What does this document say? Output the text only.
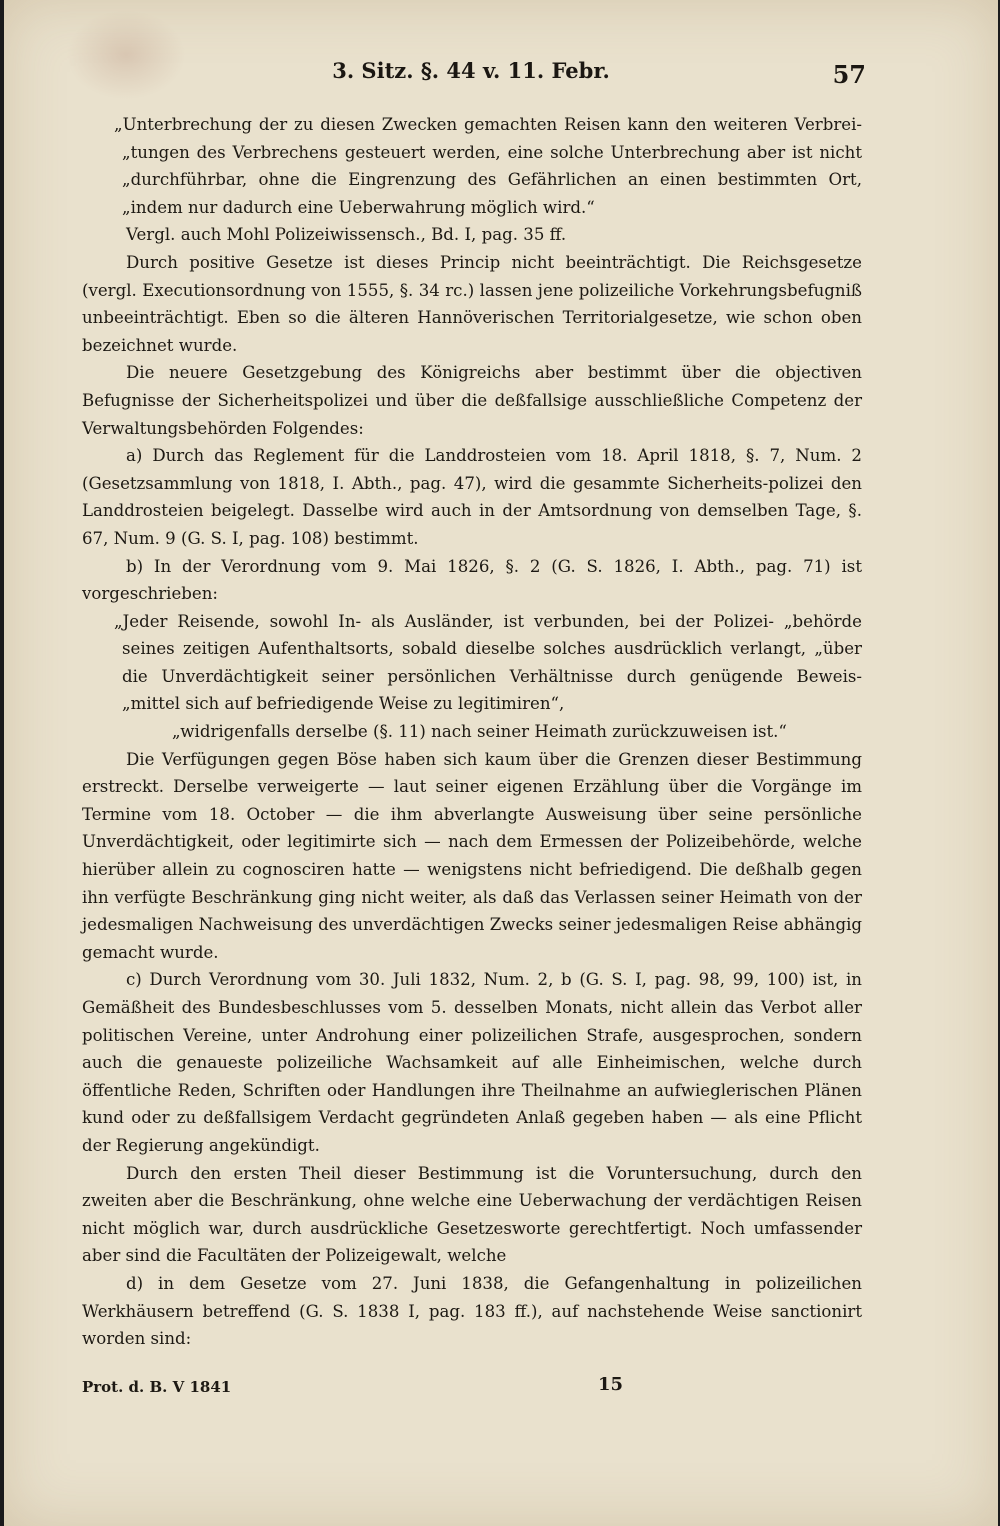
3. Sitz. §. 44 v. 11. Febr.	57

„Unterbrechung der zu diesen Zwecken gemachten Reisen kann den weiteren Verbrei- „tungen des Verbrechens gesteuert werden, eine solche Unterbrechung aber ist nicht „durchführbar, ohne die Eingrenzung des Gefährlichen an einen bestimmten Ort, „indem nur dadurch eine Ueberwahrung möglich wird.“

Vergl. auch Mohl Polizeiwissensch., Bd. I, pag. 35 ff.

Durch positive Gesetze ist dieses Princip nicht beeinträchtigt. Die Reichsgesetze (vergl. Executionsordnung von 1555, §. 34 rc.) lassen jene polizeiliche Vorkehrungsbefugniß unbeeinträchtigt. Eben so die älteren Hannöverischen Territorialgesetze, wie schon oben bezeichnet wurde.

Die neuere Gesetzgebung des Königreichs aber bestimmt über die objectiven Befugnisse der Sicherheitspolizei und über die deßfallsige ausschließliche Competenz der Verwaltungsbehörden Folgendes:

a) Durch das Reglement für die Landdrosteien vom 18. April 1818, §. 7, Num. 2 (Gesetzsammlung von 1818, I. Abth., pag. 47), wird die gesammte Sicherheits-polizei den Landdrosteien beigelegt. Dasselbe wird auch in der Amtsordnung von demselben Tage, §. 67, Num. 9 (G. S. I, pag. 108) bestimmt.

b) In der Verordnung vom 9. Mai 1826, §. 2 (G. S. 1826, I. Abth., pag. 71) ist vorgeschrieben:

„Jeder Reisende, sowohl In- als Ausländer, ist verbunden, bei der Polizei- „behörde seines zeitigen Aufenthaltsorts, sobald dieselbe solches ausdrücklich verlangt, „über die Unverdächtigkeit seiner persönlichen Verhältnisse durch genügende Beweis- „mittel sich auf befriedigende Weise zu legitimiren“,

„widrigenfalls derselbe (§. 11) nach seiner Heimath zurückzuweisen ist.“

Die Verfügungen gegen Böse haben sich kaum über die Grenzen dieser Bestimmung erstreckt. Derselbe verweigerte — laut seiner eigenen Erzählung über die Vorgänge im Termine vom 18. October — die ihm abverlangte Ausweisung über seine persönliche Unverdächtigkeit, oder legitimirte sich — nach dem Ermessen der Polizeibehörde, welche hierüber allein zu cognosciren hatte — wenigstens nicht befriedigend. Die deßhalb gegen ihn verfügte Beschränkung ging nicht weiter, als daß das Verlassen seiner Heimath von der jedesmaligen Nachweisung des unverdächtigen Zwecks seiner jedesmaligen Reise abhängig gemacht wurde.

c) Durch Verordnung vom 30. Juli 1832, Num. 2, b (G. S. I, pag. 98, 99, 100) ist, in Gemäßheit des Bundesbeschlusses vom 5. desselben Monats, nicht allein das Verbot aller politischen Vereine, unter Androhung einer polizeilichen Strafe, ausgesprochen, sondern auch die genaueste polizeiliche Wachsamkeit auf alle Einheimischen, welche durch öffentliche Reden, Schriften oder Handlungen ihre Theilnahme an aufwieglerischen Plänen kund oder zu deßfallsigem Verdacht gegründeten Anlaß gegeben haben — als eine Pflicht der Regierung angekündigt.

Durch den ersten Theil dieser Bestimmung ist die Voruntersuchung, durch den zweiten aber die Beschränkung, ohne welche eine Ueberwachung der verdächtigen Reisen nicht möglich war, durch ausdrückliche Gesetzesworte gerechtfertigt. Noch umfassender aber sind die Facultäten der Polizeigewalt, welche

d) in dem Gesetze vom 27. Juni 1838, die Gefangenhaltung in polizeilichen Werkhäusern betreffend (G. S. 1838 I, pag. 183 ff.), auf nachstehende Weise sanctionirt worden sind:

Prot. d. B. V 1841	15
